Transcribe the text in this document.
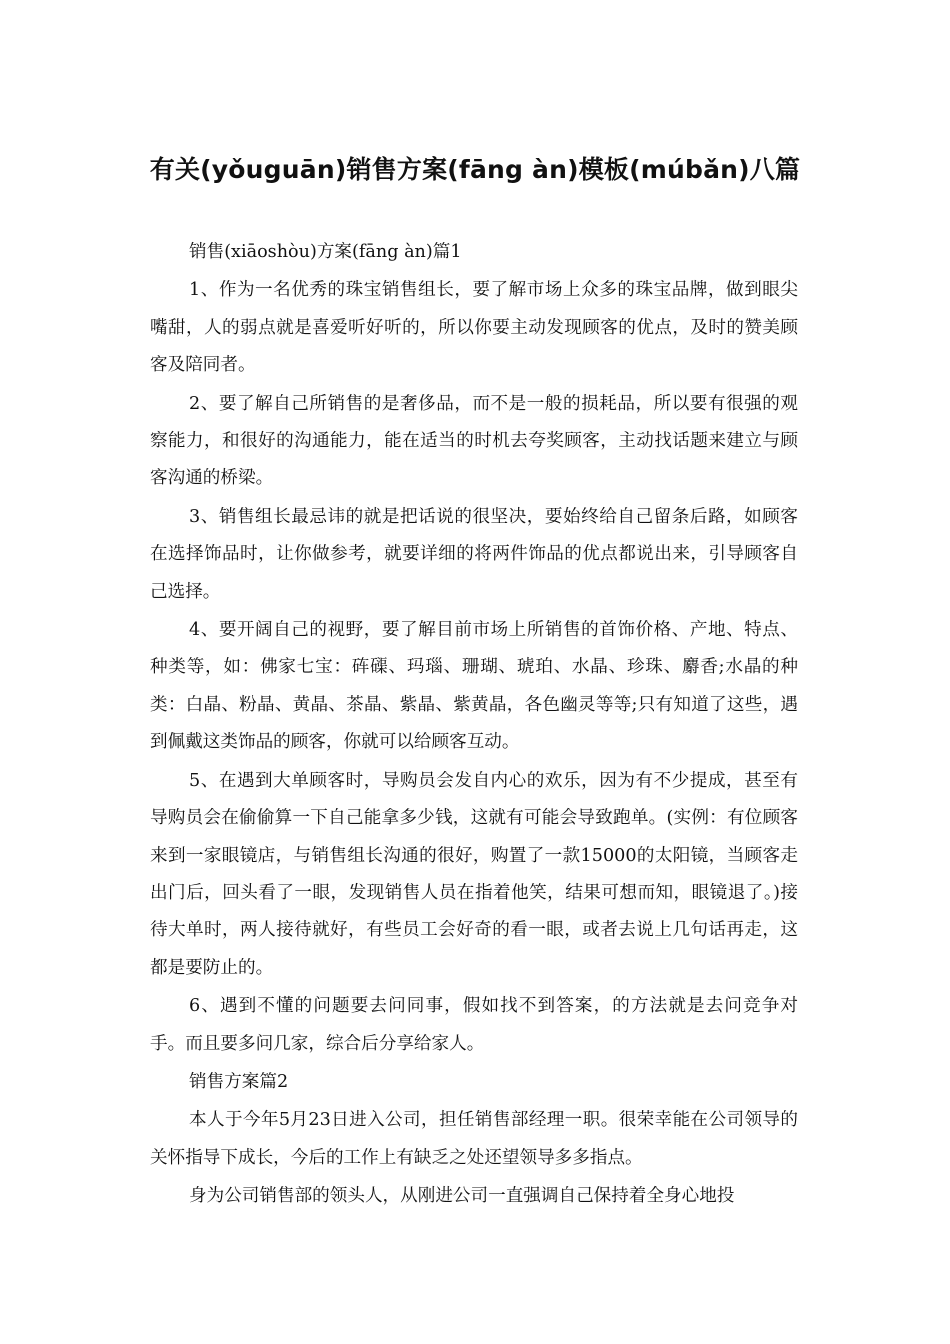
有关(yǒuguān)销售方案(fāng àn)模板(múbǎn)八篇

销售(xiāoshòu)方案(fāng àn)篇1

1、作为一名优秀的珠宝销售组长，要了解市场上众多的珠宝品牌，做到眼尖嘴甜，人的弱点就是喜爱听好听的，所以你要主动发现顾客的优点，及时的赞美顾客及陪同者。

2、要了解自己所销售的是奢侈品，而不是一般的损耗品，所以要有很强的观察能力，和很好的沟通能力，能在适当的时机去夸奖顾客，主动找话题来建立与顾客沟通的桥梁。

3、销售组长最忌讳的就是把话说的很坚决，要始终给自己留条后路，如顾客在选择饰品时，让你做参考，就要详细的将两件饰品的优点都说出来，引导顾客自己选择。

4、要开阔自己的视野，要了解目前市场上所销售的首饰价格、产地、特点、种类等，如：佛家七宝：砗磲、玛瑙、珊瑚、琥珀、水晶、珍珠、麝香;水晶的种类：白晶、粉晶、黄晶、茶晶、紫晶、紫黄晶，各色幽灵等等;只有知道了这些，遇到佩戴这类饰品的顾客，你就可以给顾客互动。

5、在遇到大单顾客时，导购员会发自内心的欢乐，因为有不少提成，甚至有导购员会在偷偷算一下自己能拿多少钱，这就有可能会导致跑单。(实例：有位顾客来到一家眼镜店，与销售组长沟通的很好，购置了一款15000的太阳镜，当顾客走出门后，回头看了一眼，发现销售人员在指着他笑，结果可想而知，眼镜退了。)接待大单时，两人接待就好，有些员工会好奇的看一眼，或者去说上几句话再走，这都是要防止的。

6、遇到不懂的问题要去问同事，假如找不到答案，的方法就是去问竞争对手。而且要多问几家，综合后分享给家人。

销售方案篇2

本人于今年5月23日进入公司，担任销售部经理一职。很荣幸能在公司领导的关怀指导下成长，今后的工作上有缺乏之处还望领导多多指点。

身为公司销售部的领头人，从刚进公司一直强调自己保持着全身心地投
